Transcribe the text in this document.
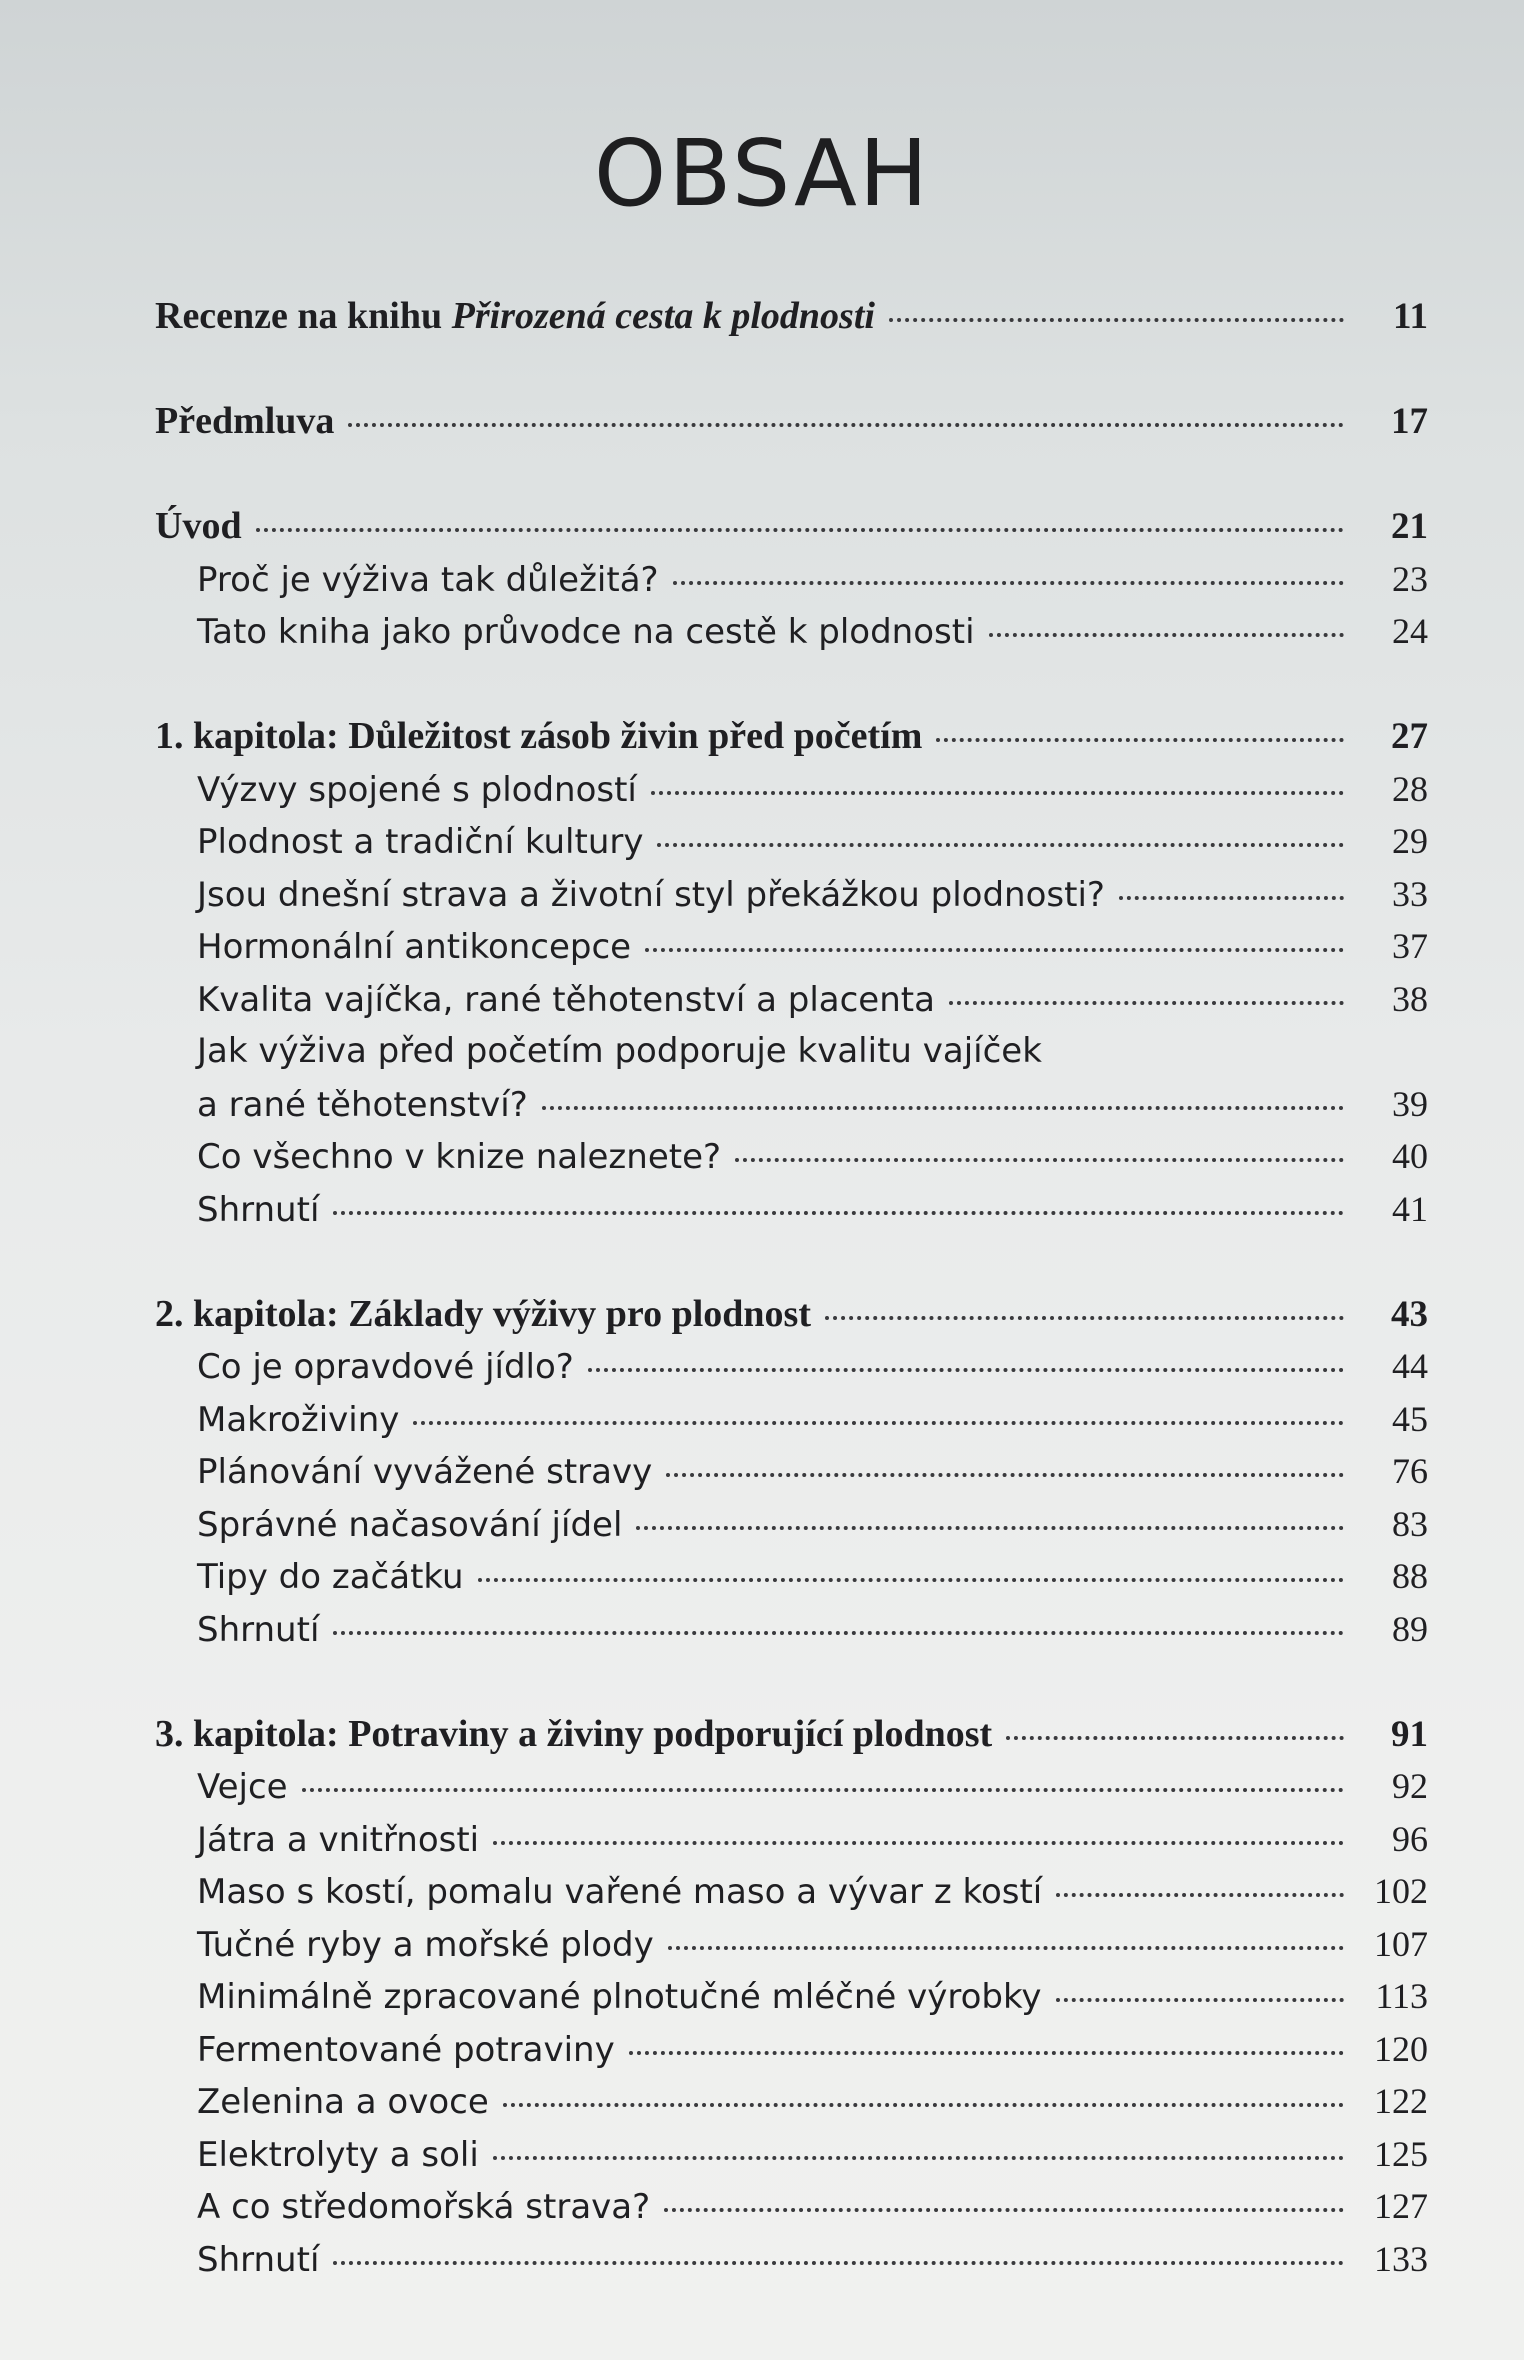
OBSAH
Recenze na knihu Přirozená cesta k plodnosti	11
Předmluva	17
Úvod	21
Proč je výživa tak důležitá?	23
Tato kniha jako průvodce na cestě k plodnosti	24
1. kapitola: Důležitost zásob živin před početím	27
Výzvy spojené s plodností	28
Plodnost a tradiční kultury	29
Jsou dnešní strava a životní styl překážkou plodnosti?	33
Hormonální antikoncepce	37
Kvalita vajíčka, rané těhotenství a placenta	38
Jak výživa před početím podporuje kvalitu vajíček
a rané těhotenství?	39
Co všechno v knize naleznete?	40
Shrnutí	41
2. kapitola: Základy výživy pro plodnost	43
Co je opravdové jídlo?	44
Makroživiny	45
Plánování vyvážené stravy	76
Správné načasování jídel	83
Tipy do začátku	88
Shrnutí	89
3. kapitola: Potraviny a živiny podporující plodnost	91
Vejce	92
Játra a vnitřnosti	96
Maso s kostí, pomalu vařené maso a vývar z kostí	102
Tučné ryby a mořské plody	107
Minimálně zpracované plnotučné mléčné výrobky	113
Fermentované potraviny	120
Zelenina a ovoce	122
Elektrolyty a soli	125
A co středomořská strava?	127
Shrnutí	133
